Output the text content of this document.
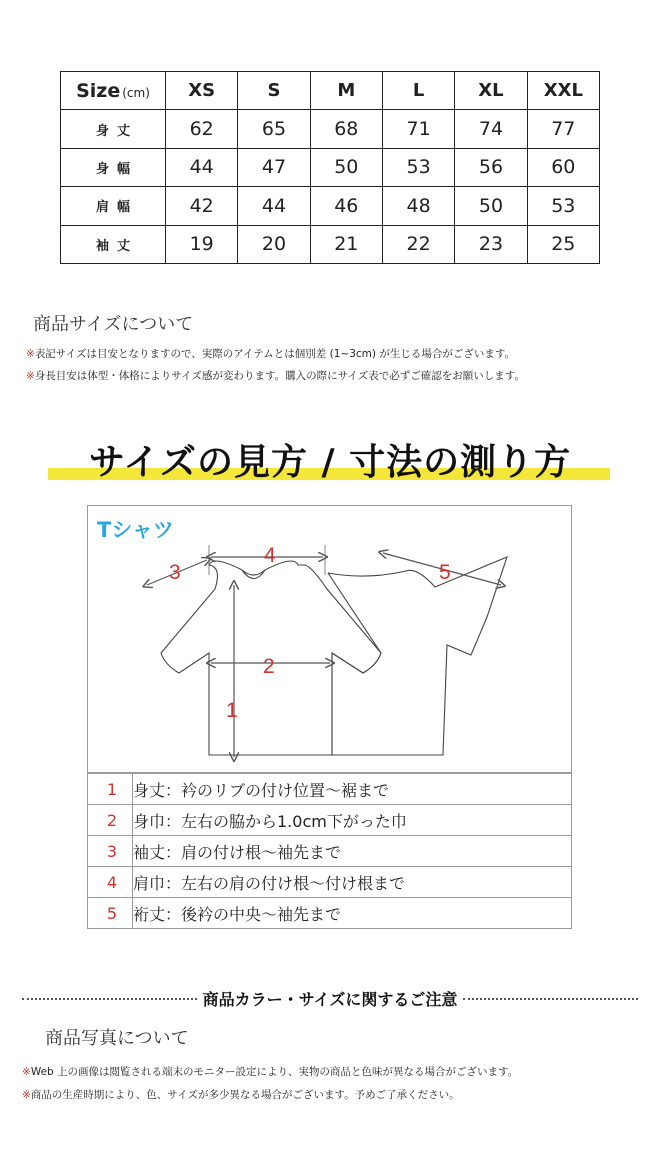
Size (cm)	XS	S	M	L	XL	XXL
身丈	62	65	68	71	74	77
身幅	44	47	50	53	56	60
肩幅	42	44	46	48	50	53
袖丈	19	20	21	22	23	25
商品サイズについて
※表記サイズは目安となりますので、実際のアイテムとは個別差 (1~3cm) が生じる場合がございます。
※身長目安は体型・体格によりサイズ感が変わります。購入の際にサイズ表で必ずご確認をお願いします。
サイズの見方 / 寸法の測り方
1
2
3
4
5
Tシャツ
1	身丈：衿のリブの付け位置～裾まで
2	身巾：左右の脇から1.0cm下がった巾
3	袖丈：肩の付け根～袖先まで
4	肩巾：左右の肩の付け根～付け根まで
5	裄丈：後衿の中央～袖先まで
商品カラー・サイズに関するご注意
商品写真について
※Web 上の画像は閲覧される端末のモニター設定により、実物の商品と色味が異なる場合がございます。
※商品の生産時期により、色、サイズが多少異なる場合がございます。予めご了承ください。
